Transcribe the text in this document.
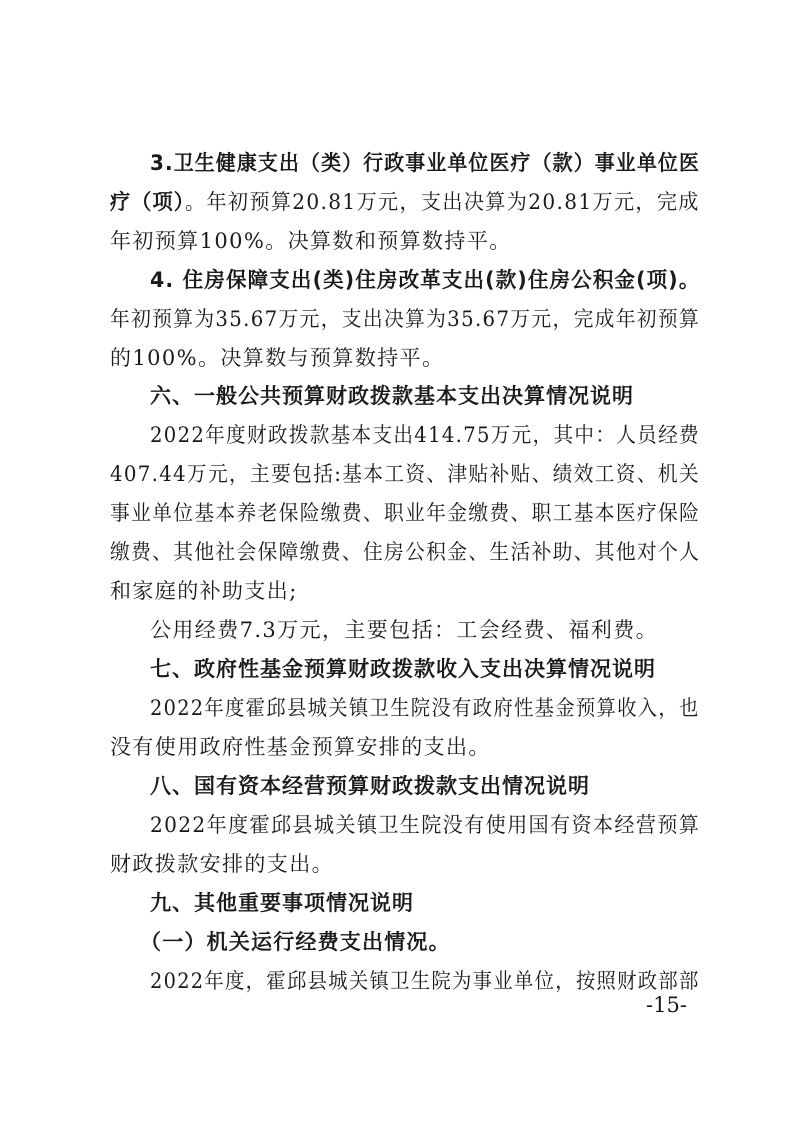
3.卫生健康支出（类）行政事业单位医疗（款）事业单位医
疗（项）。年初预算20.81万元，支出决算为20.81万元，完成
年初预算100%。决算数和预算数持平。
4. 住房保障支出(类)住房改革支出(款)住房公积金(项)。
年初预算为35.67万元，支出决算为35.67万元，完成年初预算
的100%。决算数与预算数持平。
六、一般公共预算财政拨款基本支出决算情况说明
2022年度财政拨款基本支出414.75万元，其中：人员经费
407.44万元，主要包括:基本工资、津贴补贴、绩效工资、机关
事业单位基本养老保险缴费、职业年金缴费、职工基本医疗保险
缴费、其他社会保障缴费、住房公积金、生活补助、其他对个人
和家庭的补助支出;
公用经费7.3万元，主要包括：工会经费、福利费。
七、政府性基金预算财政拨款收入支出决算情况说明
2022年度霍邱县城关镇卫生院没有政府性基金预算收入，也
没有使用政府性基金预算安排的支出。
八、国有资本经营预算财政拨款支出情况说明
2022年度霍邱县城关镇卫生院没有使用国有资本经营预算
财政拨款安排的支出。
九、其他重要事项情况说明
（一）机关运行经费支出情况。
2022年度，霍邱县城关镇卫生院为事业单位，按照财政部部
-15-
